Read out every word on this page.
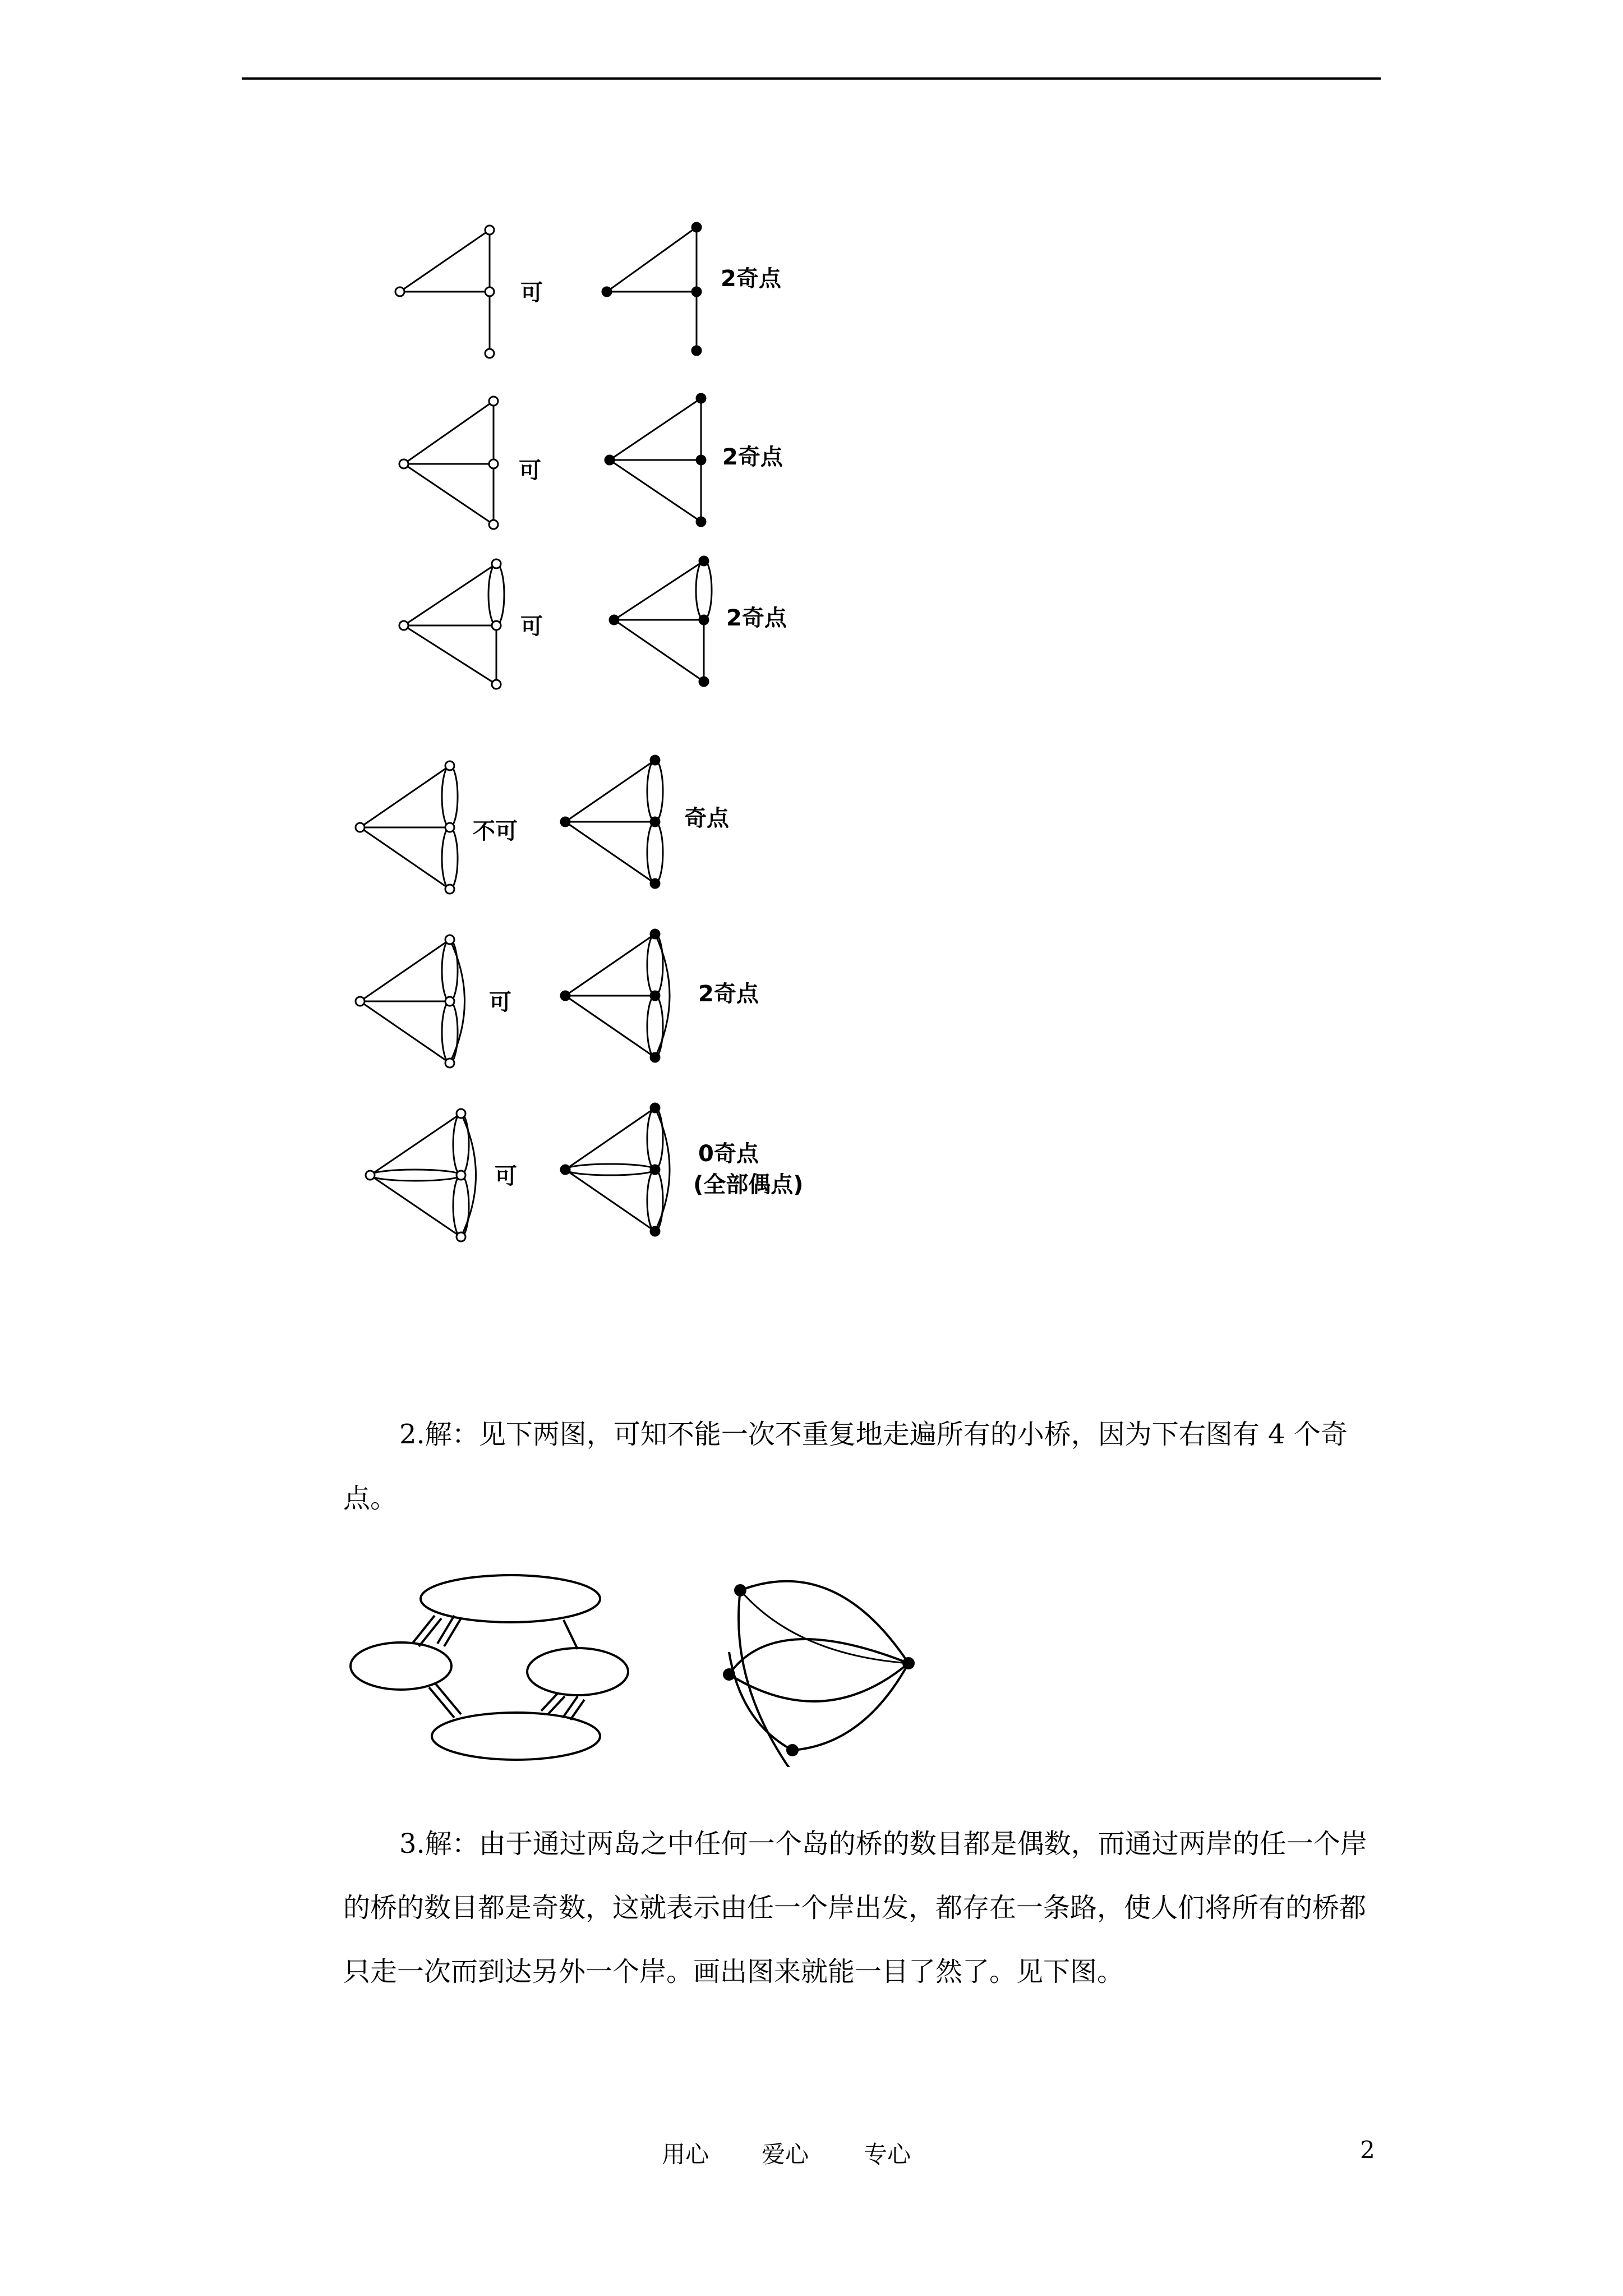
可
2奇点
可
2奇点
可	2奇点
不可	奇点
可	2奇点
可
0奇点
(全部偶点)

2.解：见下两图，可知不能一次不重复地走遍所有的小桥，因为下右图有 4 个奇点。

3.解：由于通过两岛之中任何一个岛的桥的数目都是偶数，而通过两岸的任一个岸的桥的数目都是奇数，这就表示由任一个岸出发，都存在一条路，使人们将所有的桥都只走一次而到达另外一个岸。画出图来就能一目了然了。见下图。

用心 爱心 专心	2
